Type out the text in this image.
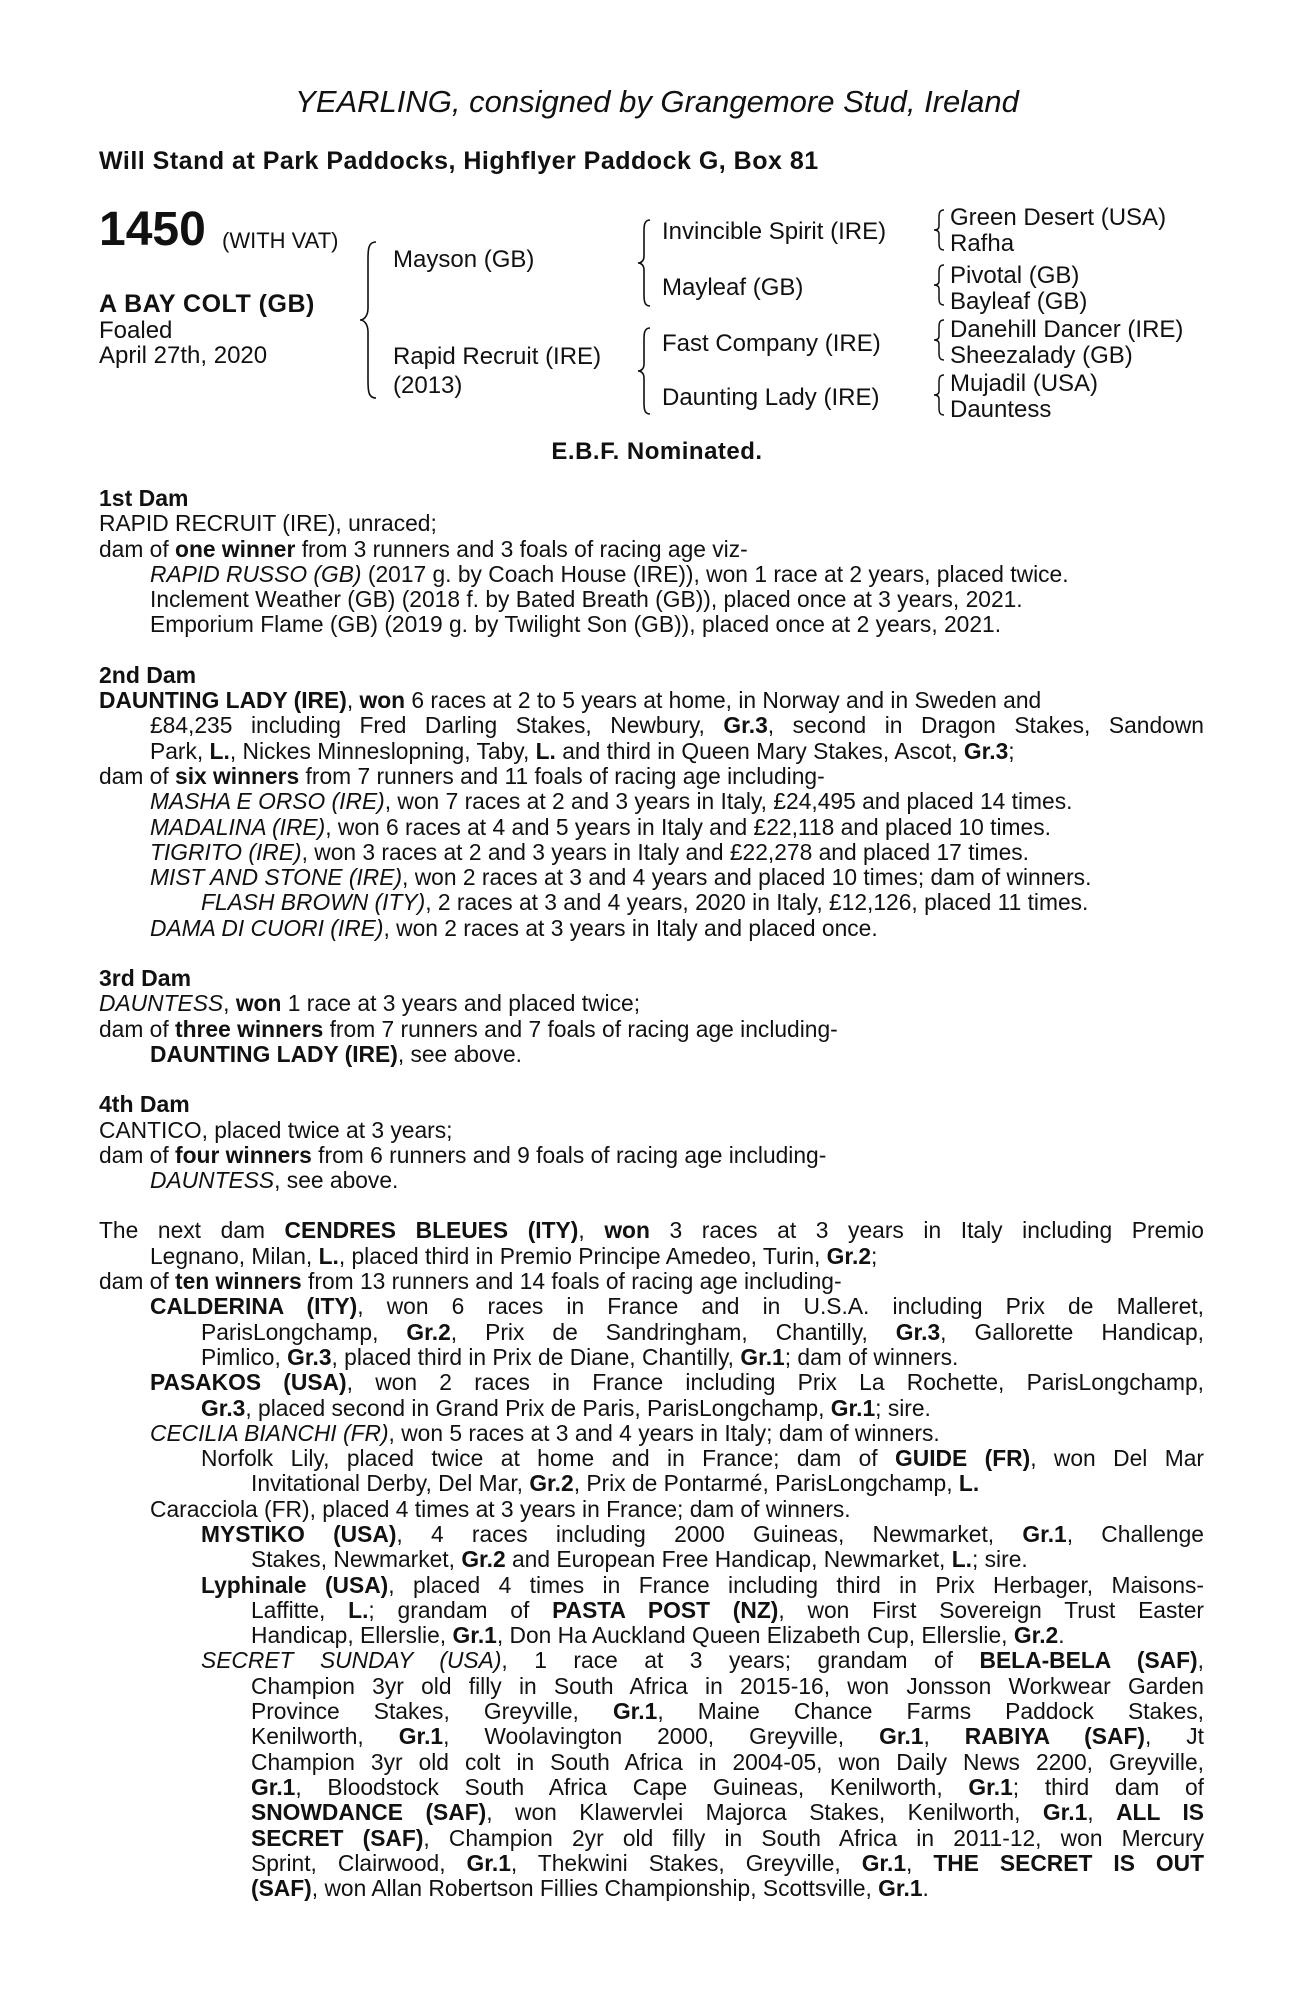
YEARLING, consigned by Grangemore Stud, Ireland
Will Stand at Park Paddocks, Highflyer Paddock G, Box 81
1450 (WITH VAT)
A BAY COLT (GB)
Foaled
April 27th, 2020
Mayson (GB)
Rapid Recruit (IRE)
(2013)
Invincible Spirit (IRE)
Mayleaf (GB)
Fast Company (IRE)
Daunting Lady (IRE)
Green Desert (USA)
Rafha
Pivotal (GB)
Bayleaf (GB)
Danehill Dancer (IRE)
Sheezalady (GB)
Mujadil (USA)
Dauntess
E.B.F. Nominated.
1st Dam
RAPID RECRUIT (IRE), unraced;
dam of one winner from 3 runners and 3 foals of racing age viz-
RAPID RUSSO (GB) (2017 g. by Coach House (IRE)), won 1 race at 2 years, placed twice.
Inclement Weather (GB) (2018 f. by Bated Breath (GB)), placed once at 3 years, 2021.
Emporium Flame (GB) (2019 g. by Twilight Son (GB)), placed once at 2 years, 2021.
2nd Dam
DAUNTING LADY (IRE), won 6 races at 2 to 5 years at home, in Norway and in Sweden and
£84,235 including Fred Darling Stakes, Newbury, Gr.3, second in Dragon Stakes, Sandown
Park, L., Nickes Minneslopning, Taby, L. and third in Queen Mary Stakes, Ascot, Gr.3;
dam of six winners from 7 runners and 11 foals of racing age including-
MASHA E ORSO (IRE), won 7 races at 2 and 3 years in Italy, £24,495 and placed 14 times.
MADALINA (IRE), won 6 races at 4 and 5 years in Italy and £22,118 and placed 10 times.
TIGRITO (IRE), won 3 races at 2 and 3 years in Italy and £22,278 and placed 17 times.
MIST AND STONE (IRE), won 2 races at 3 and 4 years and placed 10 times; dam of winners.
FLASH BROWN (ITY), 2 races at 3 and 4 years, 2020 in Italy, £12,126, placed 11 times.
DAMA DI CUORI (IRE), won 2 races at 3 years in Italy and placed once.
3rd Dam
DAUNTESS, won 1 race at 3 years and placed twice;
dam of three winners from 7 runners and 7 foals of racing age including-
DAUNTING LADY (IRE), see above.
4th Dam
CANTICO, placed twice at 3 years;
dam of four winners from 6 runners and 9 foals of racing age including-
DAUNTESS, see above.
The next dam CENDRES BLEUES (ITY), won 3 races at 3 years in Italy including Premio
Legnano, Milan, L., placed third in Premio Principe Amedeo, Turin, Gr.2;
dam of ten winners from 13 runners and 14 foals of racing age including-
CALDERINA (ITY), won 6 races in France and in U.S.A. including Prix de Malleret,
ParisLongchamp, Gr.2, Prix de Sandringham, Chantilly, Gr.3, Gallorette Handicap,
Pimlico, Gr.3, placed third in Prix de Diane, Chantilly, Gr.1; dam of winners.
PASAKOS (USA), won 2 races in France including Prix La Rochette, ParisLongchamp,
Gr.3, placed second in Grand Prix de Paris, ParisLongchamp, Gr.1; sire.
CECILIA BIANCHI (FR), won 5 races at 3 and 4 years in Italy; dam of winners.
Norfolk Lily, placed twice at home and in France; dam of GUIDE (FR), won Del Mar
Invitational Derby, Del Mar, Gr.2, Prix de Pontarmé, ParisLongchamp, L.
Caracciola (FR), placed 4 times at 3 years in France; dam of winners.
MYSTIKO (USA), 4 races including 2000 Guineas, Newmarket, Gr.1, Challenge
Stakes, Newmarket, Gr.2 and European Free Handicap, Newmarket, L.; sire.
Lyphinale (USA), placed 4 times in France including third in Prix Herbager, Maisons-
Laffitte, L.; grandam of PASTA POST (NZ), won First Sovereign Trust Easter
Handicap, Ellerslie, Gr.1, Don Ha Auckland Queen Elizabeth Cup, Ellerslie, Gr.2.
SECRET SUNDAY (USA), 1 race at 3 years; grandam of BELA-BELA (SAF),
Champion 3yr old filly in South Africa in 2015-16, won Jonsson Workwear Garden
Province Stakes, Greyville, Gr.1, Maine Chance Farms Paddock Stakes,
Kenilworth, Gr.1, Woolavington 2000, Greyville, Gr.1, RABIYA (SAF), Jt
Champion 3yr old colt in South Africa in 2004-05, won Daily News 2200, Greyville,
Gr.1, Bloodstock South Africa Cape Guineas, Kenilworth, Gr.1; third dam of
SNOWDANCE (SAF), won Klawervlei Majorca Stakes, Kenilworth, Gr.1, ALL IS
SECRET (SAF), Champion 2yr old filly in South Africa in 2011-12, won Mercury
Sprint, Clairwood, Gr.1, Thekwini Stakes, Greyville, Gr.1, THE SECRET IS OUT
(SAF), won Allan Robertson Fillies Championship, Scottsville, Gr.1.
